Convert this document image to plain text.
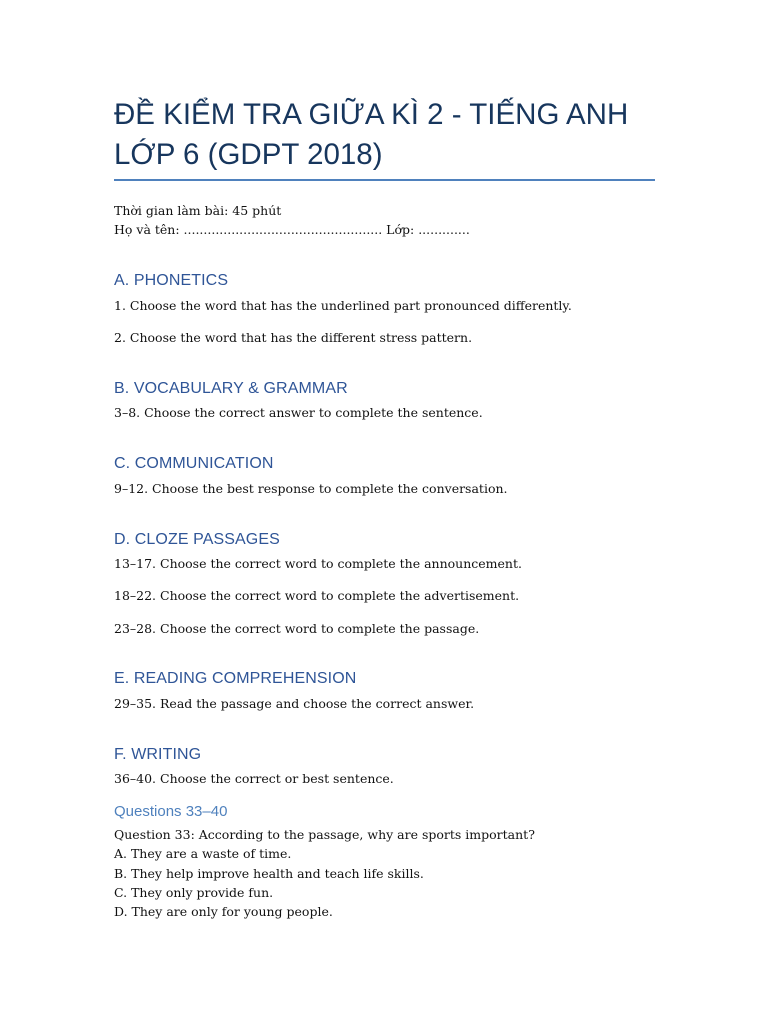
ĐỀ KIỂM TRA GIỮA KÌ 2 - TIẾNG ANH
LỚP 6 (GDPT 2018)
Thời gian làm bài: 45 phút
Họ và tên: .................................................. Lớp: .............
A. PHONETICS
1. Choose the word that has the underlined part pronounced differently.
2. Choose the word that has the different stress pattern.
B. VOCABULARY & GRAMMAR
3–8. Choose the correct answer to complete the sentence.
C. COMMUNICATION
9–12. Choose the best response to complete the conversation.
D. CLOZE PASSAGES
13–17. Choose the correct word to complete the announcement.
18–22. Choose the correct word to complete the advertisement.
23–28. Choose the correct word to complete the passage.
E. READING COMPREHENSION
29–35. Read the passage and choose the correct answer.
F. WRITING
36–40. Choose the correct or best sentence.
Questions 33–40
Question 33: According to the passage, why are sports important?
A. They are a waste of time.
B. They help improve health and teach life skills.
C. They only provide fun.
D. They are only for young people.
